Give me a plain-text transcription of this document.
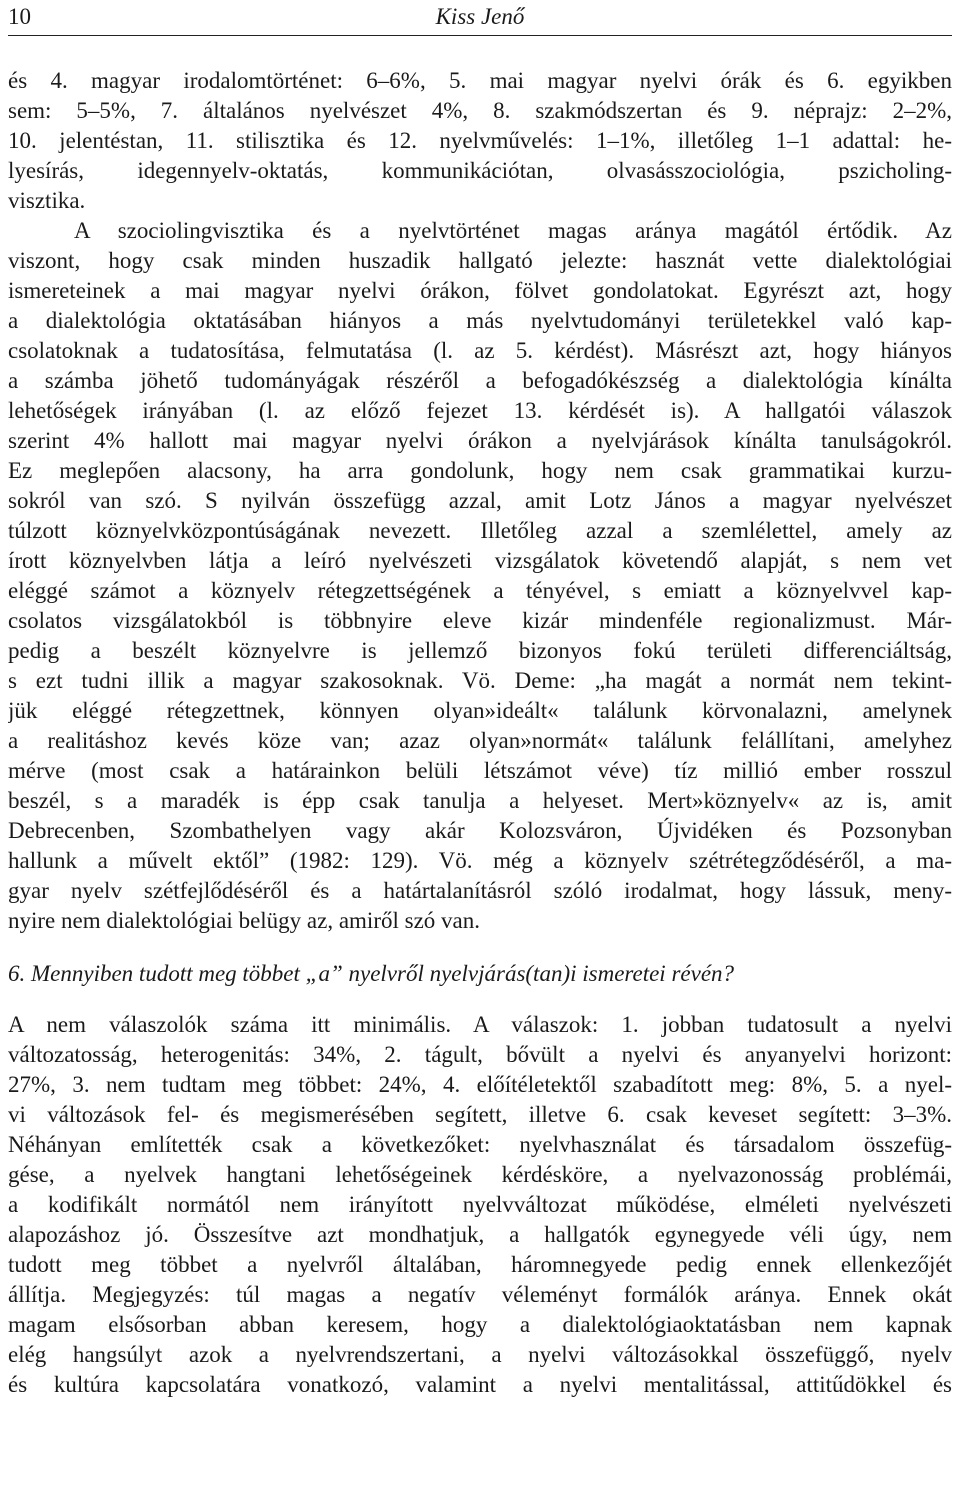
10	Kiss Jenő
és 4. magyar irodalomtörténet: 6–6%, 5. mai magyar nyelvi órák és 6. egyikben
sem: 5–5%, 7. általános nyelvészet 4%, 8. szakmódszertan és 9. néprajz: 2–2%,
10. jelentéstan, 11. stilisztika és 12. nyelvművelés: 1–1%, illetőleg 1–1 adattal: he-
lyesírás, idegennyelv-oktatás, kommunikációtan, olvasásszociológia, pszicholing-
visztika.
A szociolingvisztika és a nyelvtörténet magas aránya magától értődik. Az
viszont, hogy csak minden huszadik hallgató jelezte: hasznát vette dialektológiai
ismereteinek a mai magyar nyelvi órákon, fölvet gondolatokat. Egyrészt azt, hogy
a dialektológia oktatásában hiányos a más nyelvtudományi területekkel való kap-
csolatoknak a tudatosítása, felmutatása (l. az 5. kérdést). Másrészt azt, hogy hiányos
a számba jöhető tudományágak részéről a befogadókészség a dialektológia kínálta
lehetőségek irányában (l. az előző fejezet 13. kérdését is). A hallgatói válaszok
szerint 4% hallott mai magyar nyelvi órákon a nyelvjárások kínálta tanulságokról.
Ez meglepően alacsony, ha arra gondolunk, hogy nem csak grammatikai kurzu-
sokról van szó. S nyilván összefügg azzal, amit Lotz János a magyar nyelvészet
túlzott köznyelvközpontúságának nevezett. Illetőleg azzal a szemlélettel, amely az
írott köznyelvben látja a leíró nyelvészeti vizsgálatok követendő alapját, s nem vet
eléggé számot a köznyelv rétegzettségének a tényével, s emiatt a köznyelvvel kap-
csolatos vizsgálatokból is többnyire eleve kizár mindenféle regionalizmust. Már-
pedig a beszélt köznyelvre is jellemző bizonyos fokú területi differenciáltság,
s ezt tudni illik a magyar szakosoknak. Vö. Deme: „ha magát a normát nem tekint-
jük eléggé rétegzettnek, könnyen olyan»ideált« találunk körvonalazni, amelynek
a realitáshoz kevés köze van; azaz olyan»normát« találunk felállítani, amelyhez
mérve (most csak a határainkon belüli létszámot véve) tíz millió ember rosszul
beszél, s a maradék is épp csak tanulja a helyeset. Mert»köznyelv« az is, amit
Debrecenben, Szombathelyen vagy akár Kolozsváron, Újvidéken és Pozsonyban
hallunk a művelt ektől” (1982: 129). Vö. még a köznyelv szétrétegződéséről, a ma-
gyar nyelv szétfejlődéséről és a határtalanításról szóló irodalmat, hogy lássuk, meny-
nyire nem dialektológiai belügy az, amiről szó van.
6. Mennyiben tudott meg többet „a” nyelvről nyelvjárás(tan)i ismeretei révén?
A nem válaszolók száma itt minimális. A válaszok: 1. jobban tudatosult a nyelvi
változatosság, heterogenitás: 34%, 2. tágult, bővült a nyelvi és anyanyelvi horizont:
27%, 3. nem tudtam meg többet: 24%, 4. előítéletektől szabadított meg: 8%, 5. a nyel-
vi változások fel- és megismerésében segített, illetve 6. csak keveset segített: 3–3%.
Néhányan említették csak a következőket: nyelvhasználat és társadalom összefüg-
gése, a nyelvek hangtani lehetőségeinek kérdésköre, a nyelvazonosság problémái,
a kodifikált normától nem irányított nyelvváltozat működése, elméleti nyelvészeti
alapozáshoz jó. Összesítve azt mondhatjuk, a hallgatók egynegyede véli úgy, nem
tudott meg többet a nyelvről általában, háromnegyede pedig ennek ellenkezőjét
állítja. Megjegyzés: túl magas a negatív véleményt formálók aránya. Ennek okát
magam elsősorban abban keresem, hogy a dialektológiaoktatásban nem kapnak
elég hangsúlyt azok a nyelvrendszertani, a nyelvi változásokkal összefüggő, nyelv
és kultúra kapcsolatára vonatkozó, valamint a nyelvi mentalitással, attitűdökkel és
